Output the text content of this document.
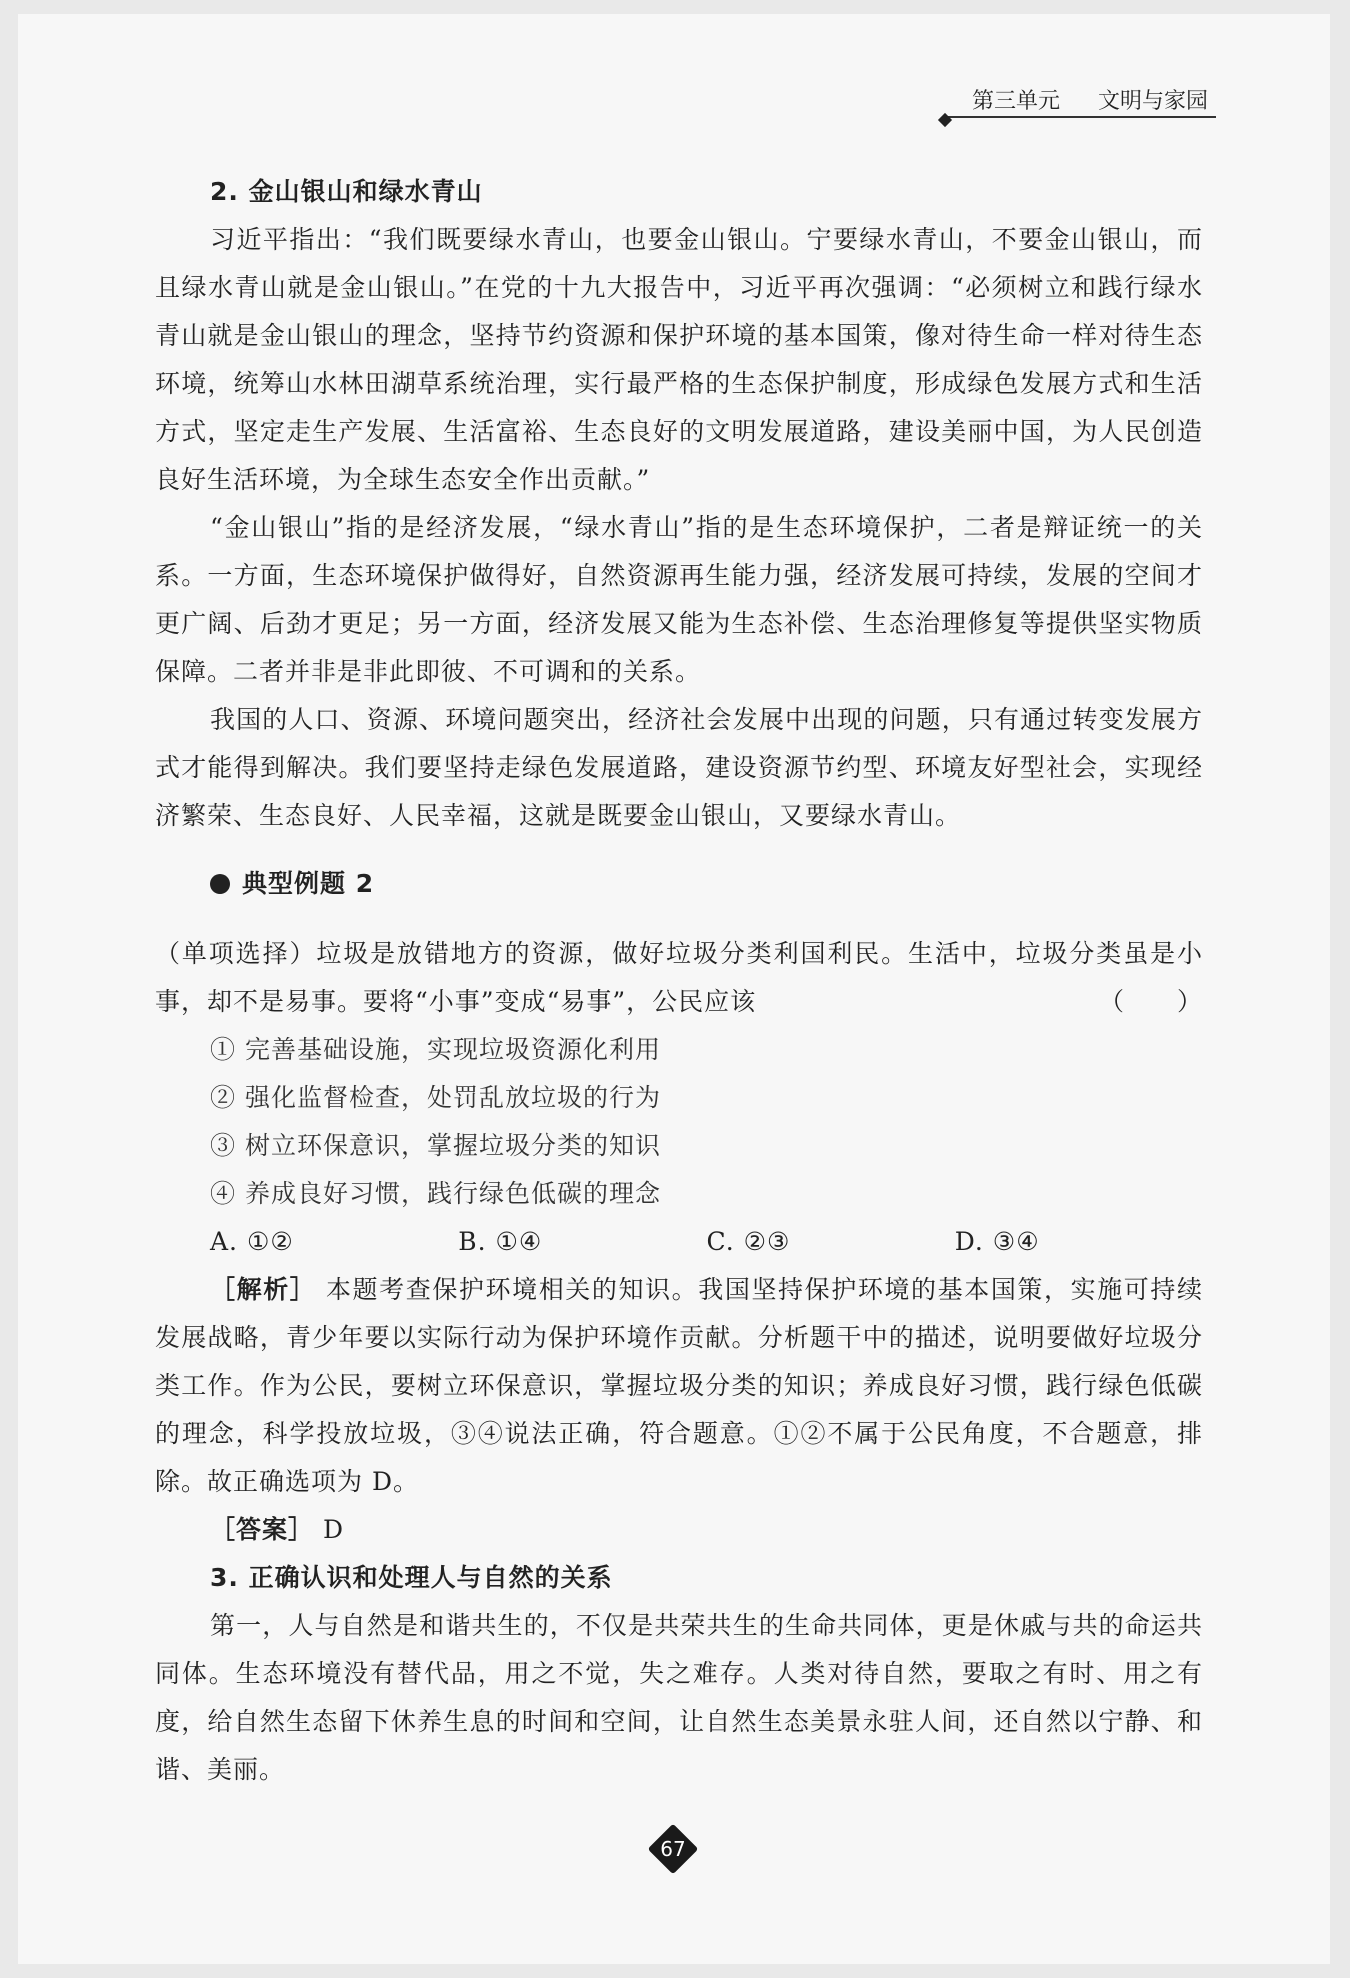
第三单元 文明与家园

2. 金山银山和绿水青山

习近平指出：“我们既要绿水青山，也要金山银山。宁要绿水青山，不要金山银山，而且绿水青山就是金山银山。”在党的十九大报告中，习近平再次强调：“必须树立和践行绿水青山就是金山银山的理念，坚持节约资源和保护环境的基本国策，像对待生命一样对待生态环境，统筹山水林田湖草系统治理，实行最严格的生态保护制度，形成绿色发展方式和生活方式，坚定走生产发展、生活富裕、生态良好的文明发展道路，建设美丽中国，为人民创造良好生活环境，为全球生态安全作出贡献。”

“金山银山”指的是经济发展，“绿水青山”指的是生态环境保护，二者是辩证统一的关系。一方面，生态环境保护做得好，自然资源再生能力强，经济发展可持续，发展的空间才更广阔、后劲才更足；另一方面，经济发展又能为生态补偿、生态治理修复等提供坚实物质保障。二者并非是非此即彼、不可调和的关系。

我国的人口、资源、环境问题突出，经济社会发展中出现的问题，只有通过转变发展方式才能得到解决。我们要坚持走绿色发展道路，建设资源节约型、环境友好型社会，实现经济繁荣、生态良好、人民幸福，这就是既要金山银山，又要绿水青山。

典型例题 2

（单项选择）垃圾是放错地方的资源，做好垃圾分类利国利民。生活中，垃圾分类虽是小事，却不是易事。要将“小事”变成“易事”，公民应该	（　　）

① 完善基础设施，实现垃圾资源化利用

② 强化监督检查，处罚乱放垃圾的行为

③ 树立环保意识，掌握垃圾分类的知识

④ 养成良好习惯，践行绿色低碳的理念

A. ①②	B. ①④	C. ②③	D. ③④

［解析］ 本题考查保护环境相关的知识。我国坚持保护环境的基本国策，实施可持续发展战略，青少年要以实际行动为保护环境作贡献。分析题干中的描述，说明要做好垃圾分类工作。作为公民，要树立环保意识，掌握垃圾分类的知识；养成良好习惯，践行绿色低碳的理念，科学投放垃圾，③④说法正确，符合题意。①②不属于公民角度，不合题意，排除。故正确选项为 D。

［答案］ D

3. 正确认识和处理人与自然的关系

第一，人与自然是和谐共生的，不仅是共荣共生的生命共同体，更是休戚与共的命运共同体。生态环境没有替代品，用之不觉，失之难存。人类对待自然，要取之有时、用之有度，给自然生态留下休养生息的时间和空间，让自然生态美景永驻人间，还自然以宁静、和谐、美丽。

67
